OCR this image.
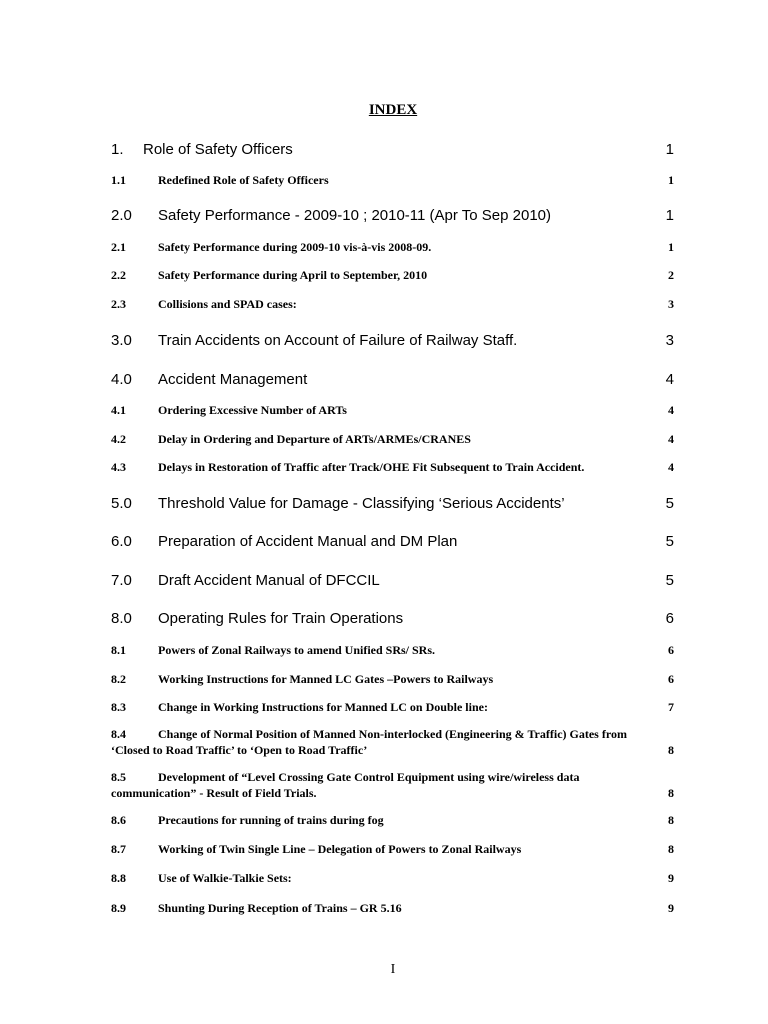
INDEX
1. Role of Safety Officers	1
1.1	Redefined Role of Safety Officers	1
2.0 Safety Performance - 2009-10 ; 2010-11 (Apr To Sep 2010)	1
2.1	Safety Performance during 2009-10 vis-à-vis 2008-09.	1
2.2	Safety Performance during April to September, 2010	2
2.3	Collisions and SPAD cases:	3
3.0 Train Accidents on Account of Failure of Railway Staff.	3
4.0 Accident Management	4
4.1	Ordering Excessive Number of ARTs	4
4.2	Delay in Ordering and Departure of ARTs/ARMEs/CRANES	4
4.3	Delays in Restoration of Traffic after Track/OHE Fit Subsequent to Train Accident.	4
5.0 Threshold Value for Damage - Classifying ‘Serious Accidents’	5
6.0 Preparation of Accident Manual and DM Plan	5
7.0 Draft Accident Manual of DFCCIL	5
8.0 Operating Rules for Train Operations	6
8.1	Powers of Zonal Railways to amend Unified SRs/ SRs.	6
8.2	Working Instructions for Manned LC Gates –Powers to Railways	6
8.3	Change in Working Instructions for Manned LC on Double line:	7
8.4	Change of Normal Position of Manned Non-interlocked (Engineering & Traffic) Gates from
‘Closed to Road Traffic’ to ‘Open to Road Traffic’	8
8.5	Development of “Level Crossing Gate Control Equipment using wire/wireless data
communication” - Result of Field Trials.	8
8.6	Precautions for running of trains during fog	8
8.7	Working of Twin Single Line – Delegation of Powers to Zonal Railways	8
8.8	Use of Walkie-Talkie Sets:	9
8.9	Shunting During Reception of Trains – GR 5.16	9
I
